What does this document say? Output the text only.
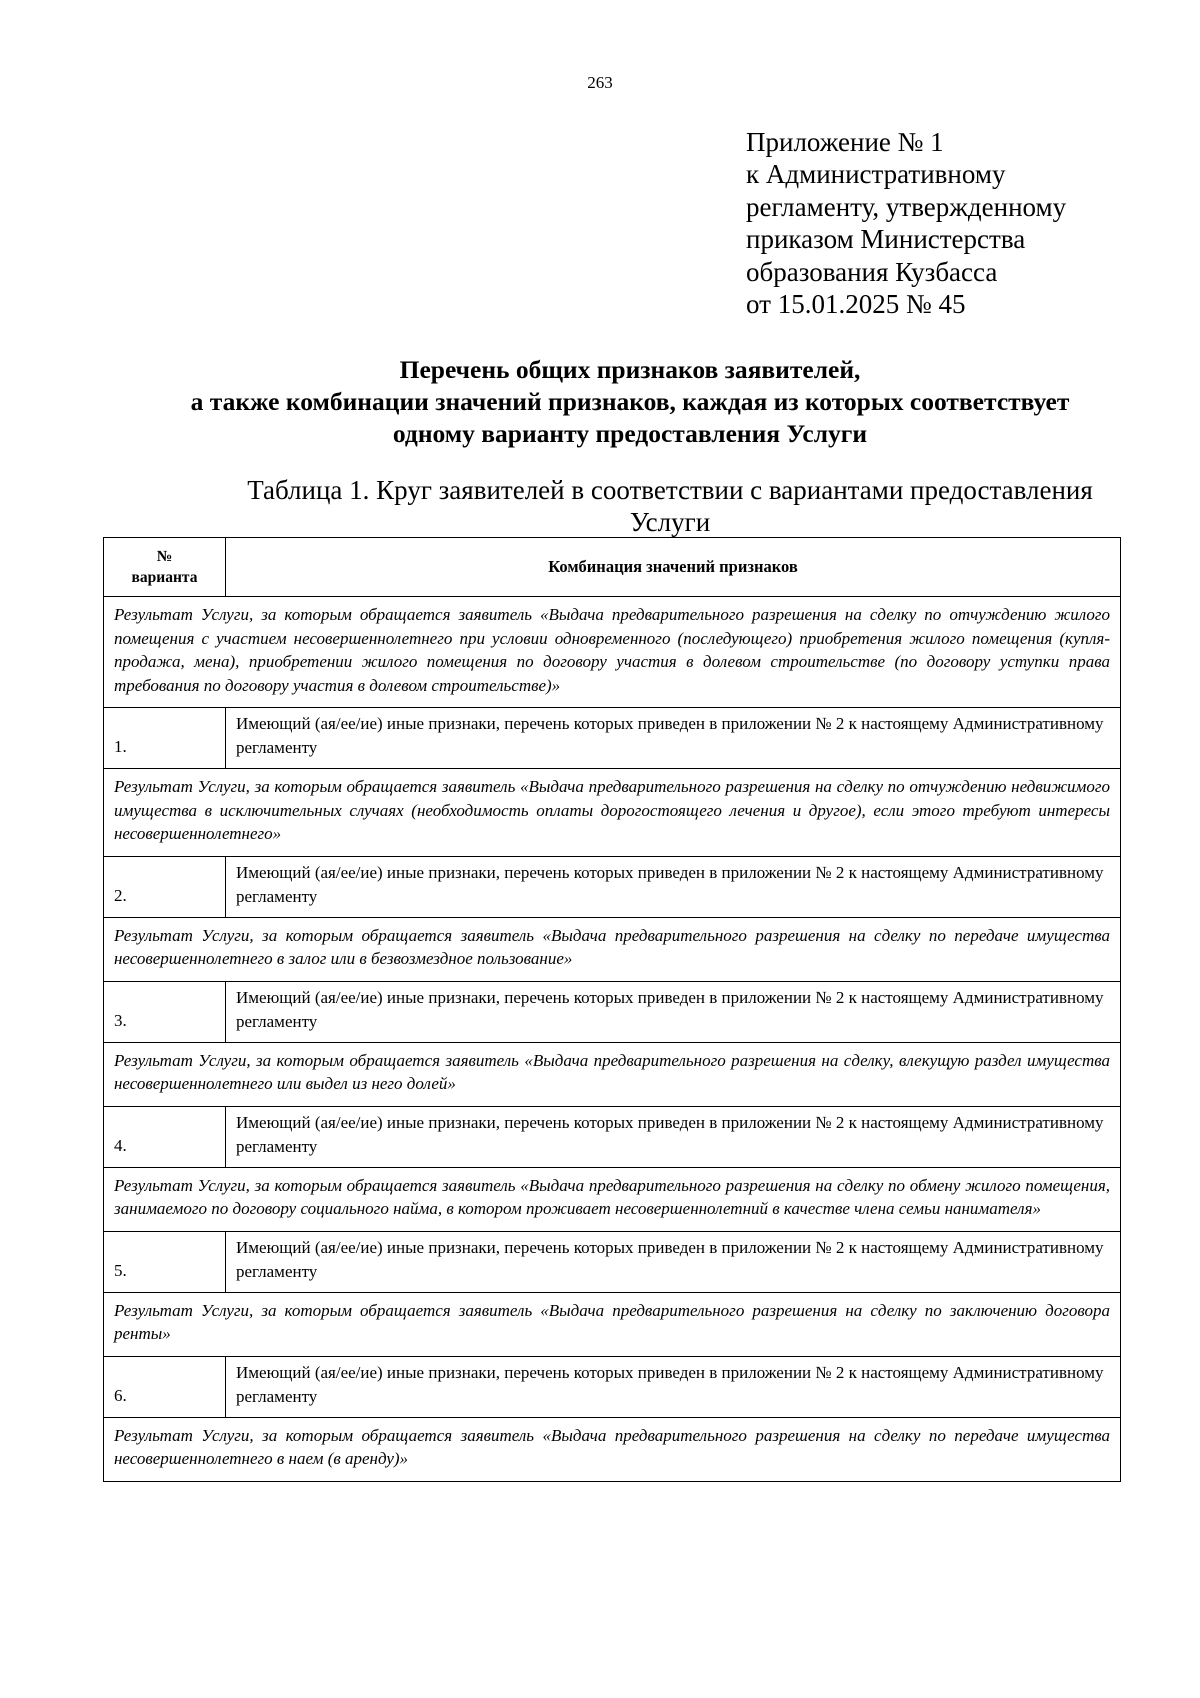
263
Приложение № 1
к Административному
регламенту, утвержденному
приказом Министерства
образования Кузбасса
от 15.01.2025 № 45
Перечень общих признаков заявителей,
а также комбинации значений признаков, каждая из которых соответствует
одному варианту предоставления Услуги
Таблица 1. Круг заявителей в соответствии с вариантами предоставления Услуги
№
варианта	Комбинация значений признаков
Результат Услуги, за которым обращается заявитель «Выдача предварительного разрешения на сделку по отчуждению жилого помещения с участием несовершеннолетнего при условии одновременного (последующего) приобретения жилого помещения (купля-продажа, мена), приобретении жилого помещения по договору участия в долевом строительстве (по договору уступки права требования по договору участия в долевом строительстве)»	
1.	Имеющий (ая/ее/ие) иные признаки, перечень которых приведен в приложении № 2 к настоящему Административному регламенту
Результат Услуги, за которым обращается заявитель «Выдача предварительного разрешения на сделку по отчуждению недвижимого имущества в исключительных случаях (необходимость оплаты дорогостоящего лечения и другое), если этого требуют интересы несовершеннолетнего»	
2.	Имеющий (ая/ее/ие) иные признаки, перечень которых приведен в приложении № 2 к настоящему Административному регламенту
Результат Услуги, за которым обращается заявитель «Выдача предварительного разрешения на сделку по передаче имущества несовершеннолетнего в залог или в безвозмездное пользование»	
3.	Имеющий (ая/ее/ие) иные признаки, перечень которых приведен в приложении № 2 к настоящему Административному регламенту
Результат Услуги, за которым обращается заявитель «Выдача предварительного разрешения на сделку, влекущую раздел имущества несовершеннолетнего или выдел из него долей»	
4.	Имеющий (ая/ее/ие) иные признаки, перечень которых приведен в приложении № 2 к настоящему Административному регламенту
Результат Услуги, за которым обращается заявитель «Выдача предварительного разрешения на сделку по обмену жилого помещения, занимаемого по договору социального найма, в котором проживает несовершеннолетний в качестве члена семьи нанимателя»	
5.	Имеющий (ая/ее/ие) иные признаки, перечень которых приведен в приложении № 2 к настоящему Административному регламенту
Результат Услуги, за которым обращается заявитель «Выдача предварительного разрешения на сделку по заключению договора ренты»	
6.	Имеющий (ая/ее/ие) иные признаки, перечень которых приведен в приложении № 2 к настоящему Административному регламенту
Результат Услуги, за которым обращается заявитель «Выдача предварительного разрешения на сделку по передаче имущества несовершеннолетнего в наем (в аренду)»	
